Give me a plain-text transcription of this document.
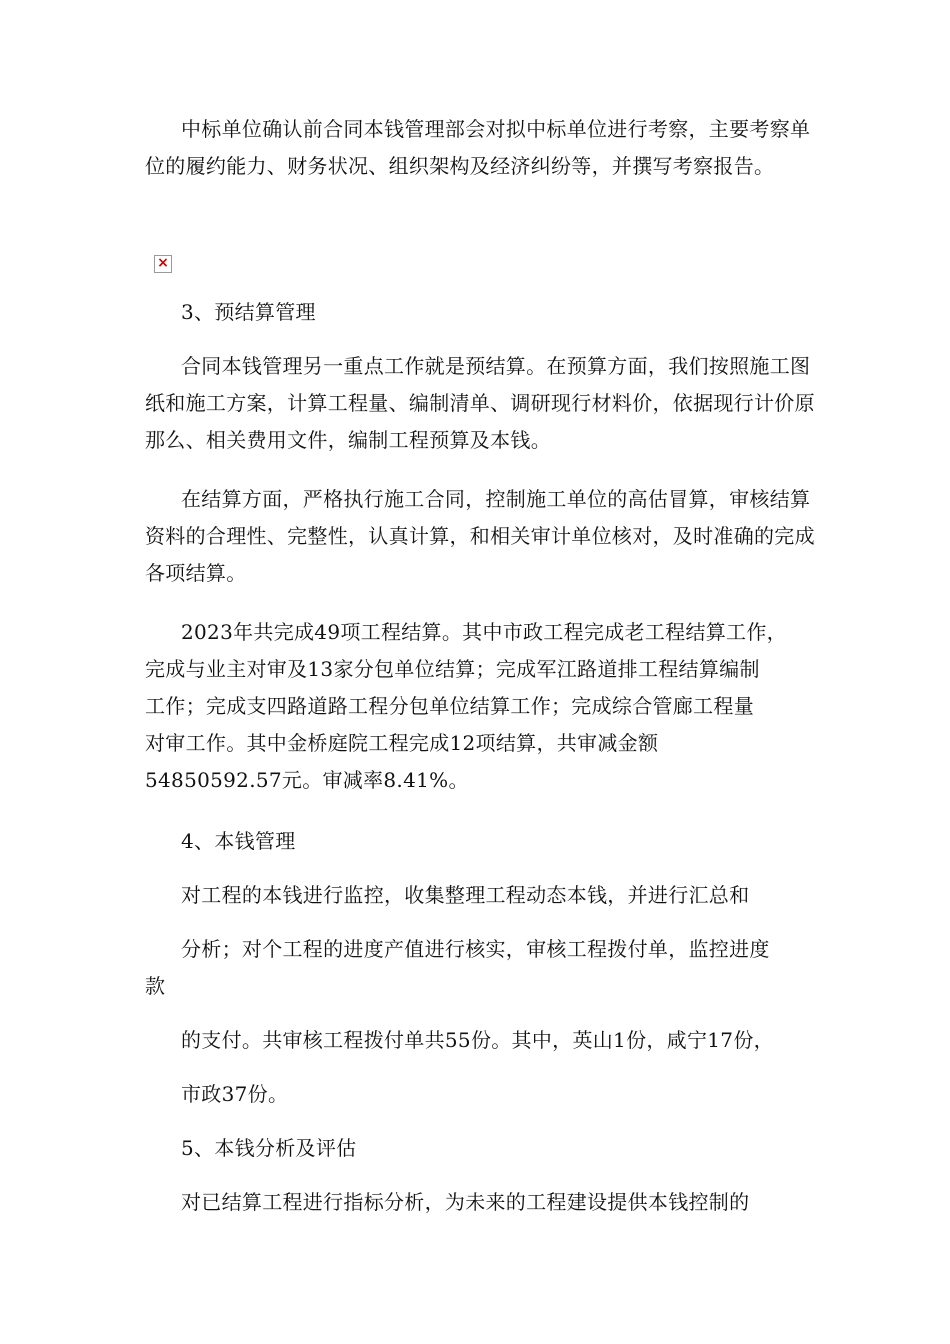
中标单位确认前合同本钱管理部会对拟中标单位进行考察，主要考察单位的履约能力、财务状况、组织架构及经济纠纷等，并撰写考察报告。

×

3、预结算管理

合同本钱管理另一重点工作就是预结算。在预算方面，我们按照施工图纸和施工方案，计算工程量、编制清单、调研现行材料价，依据现行计价原那么、相关费用文件，编制工程预算及本钱。

在结算方面，严格执行施工合同，控制施工单位的高估冒算，审核结算资料的合理性、完整性，认真计算，和相关审计单位核对，及时准确的完成各项结算。

2023年共完成49项工程结算。其中市政工程完成老工程结算工作，

完成与业主对审及13家分包单位结算；完成军江路道排工程结算编制

工作；完成支四路道路工程分包单位结算工作；完成综合管廊工程量

对审工作。其中金桥庭院工程完成12项结算，共审减金额

54850592.57元。审减率8.41%。

4、本钱管理

对工程的本钱进行监控，收集整理工程动态本钱，并进行汇总和

分析；对个工程的进度产值进行核实，审核工程拨付单，监控进度

款

的支付。共审核工程拨付单共55份。其中，英山1份，咸宁17份，

市政37份。

5、本钱分析及评估

对已结算工程进行指标分析，为未来的工程建设提供本钱控制的
